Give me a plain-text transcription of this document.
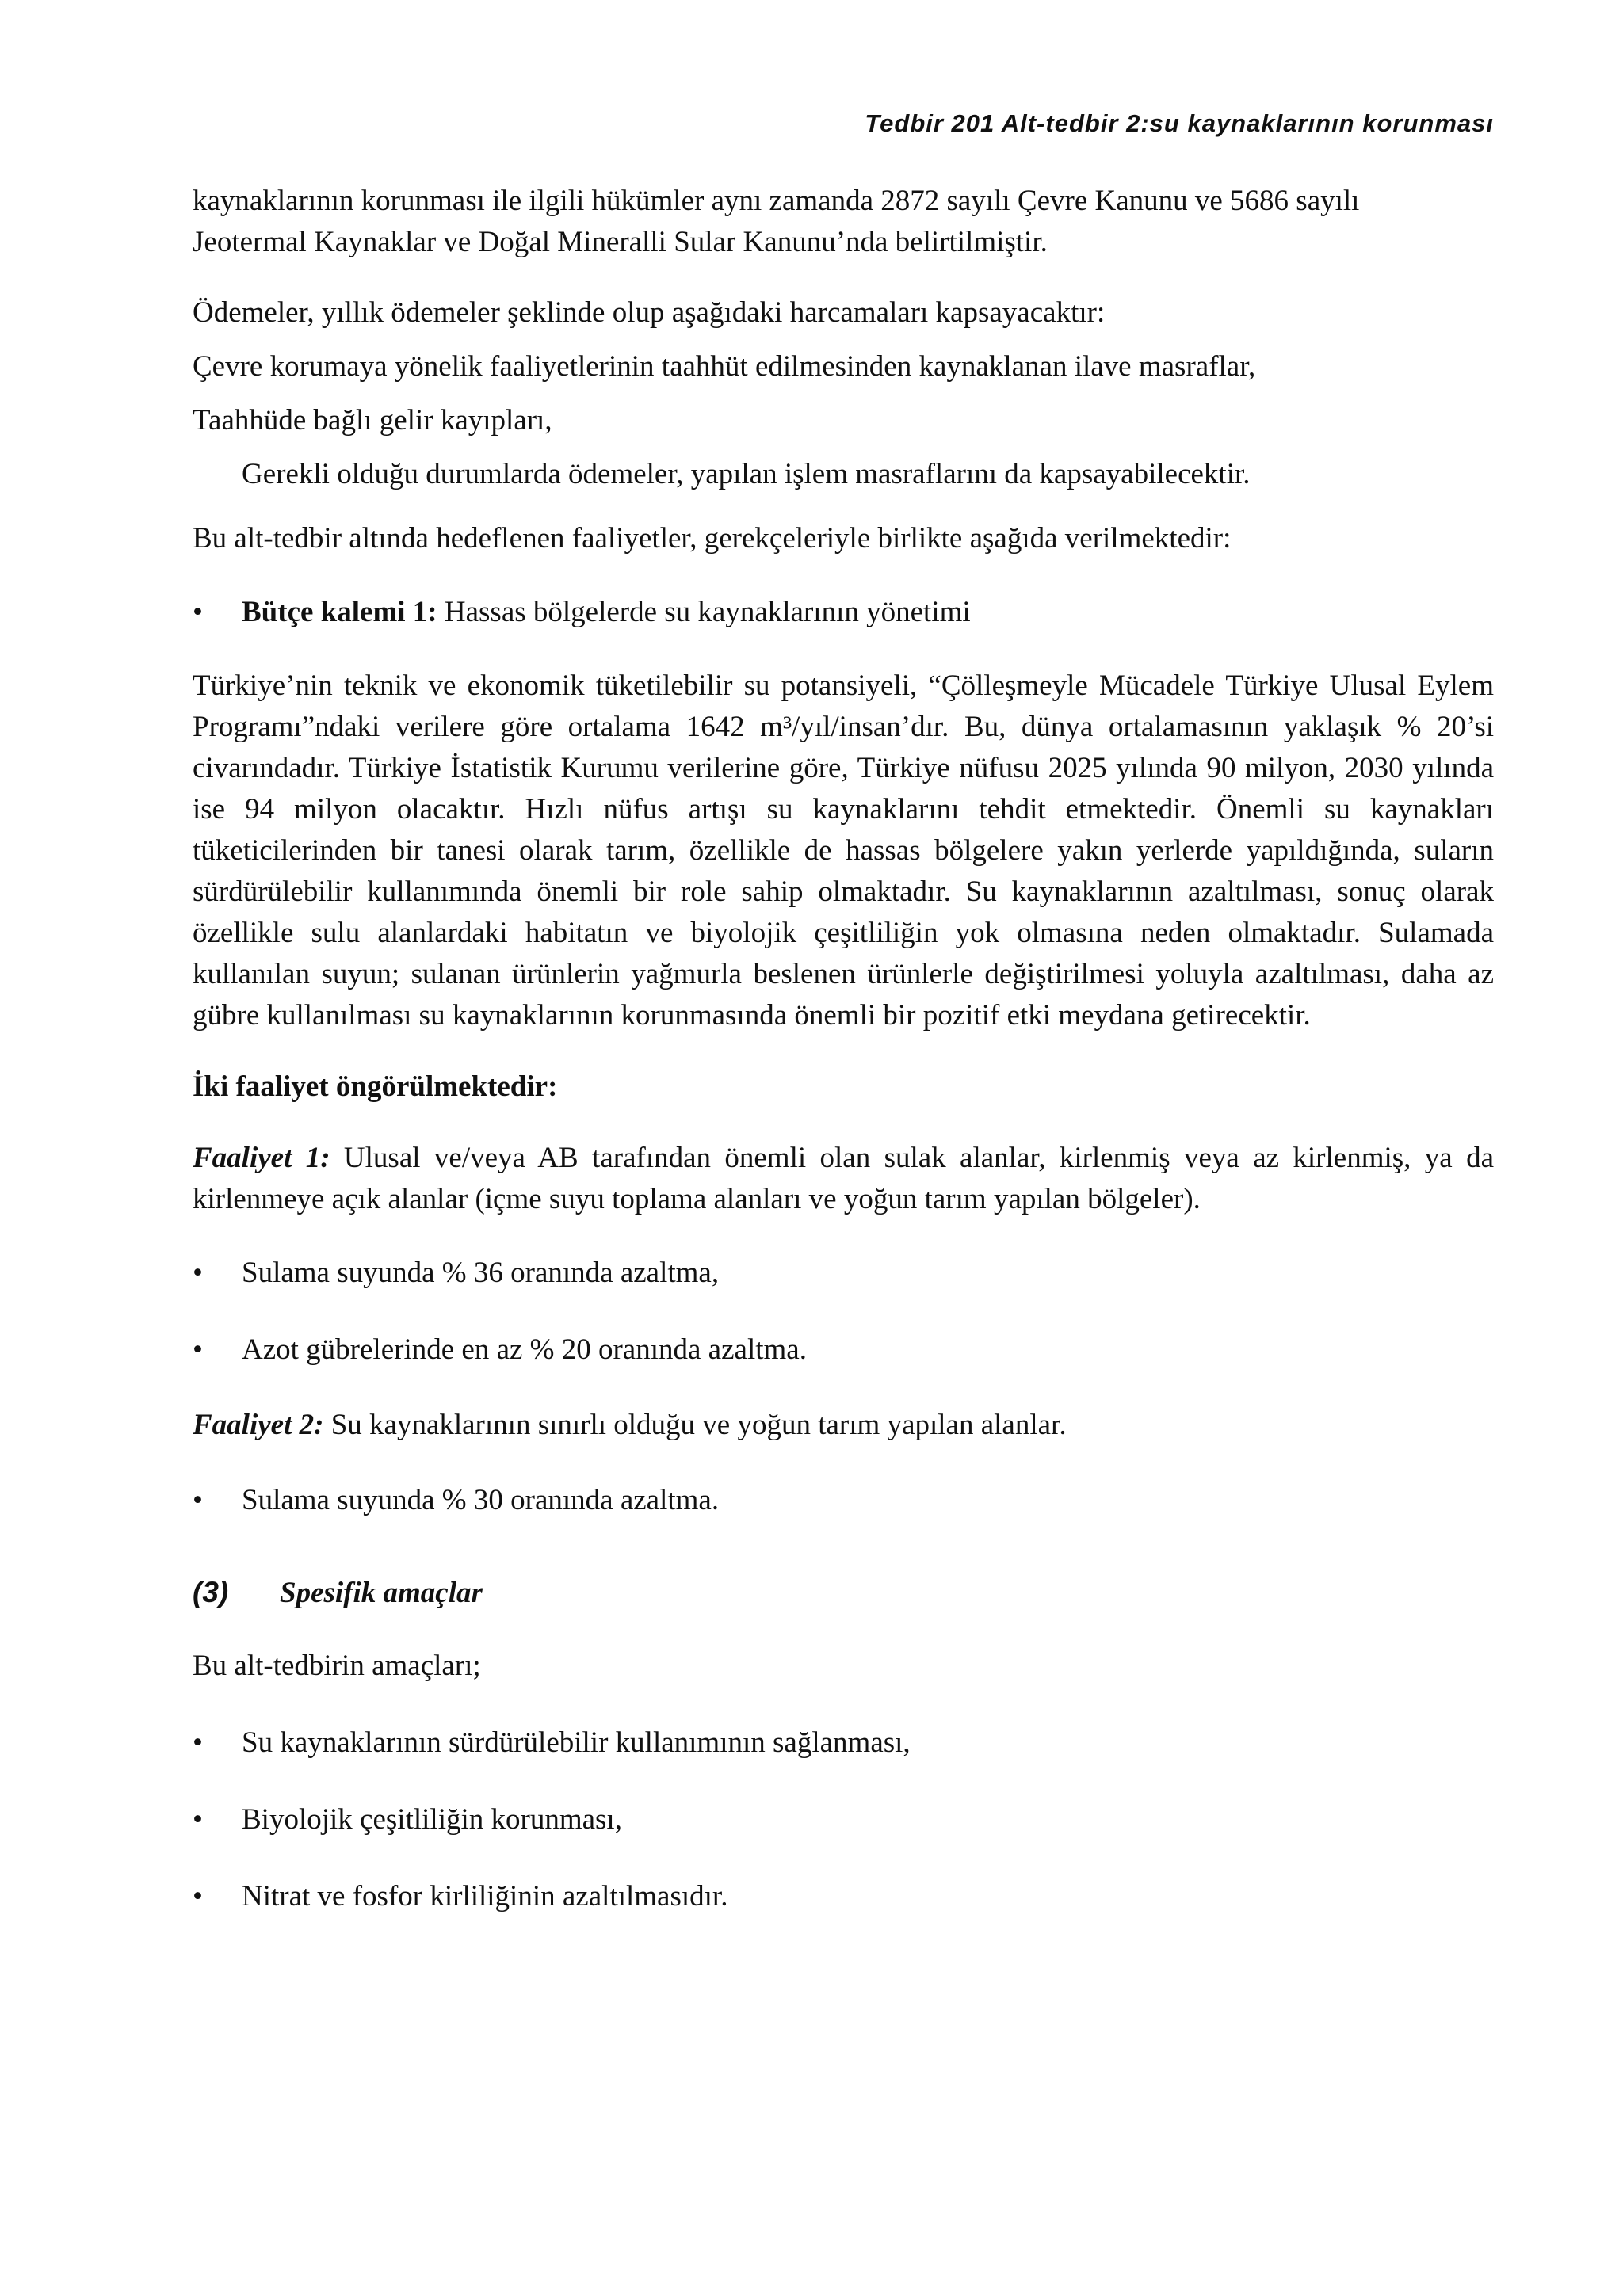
Tedbir 201 Alt-tedbir 2:su kaynaklarının korunması

kaynaklarının korunması ile ilgili hükümler aynı zamanda 2872 sayılı Çevre Kanunu ve 5686 sayılı
Jeotermal Kaynaklar ve Doğal Mineralli Sular Kanunu’nda belirtilmiştir.

Ödemeler, yıllık ödemeler şeklinde olup aşağıdaki harcamaları kapsayacaktır:

Çevre korumaya yönelik faaliyetlerinin taahhüt edilmesinden kaynaklanan ilave masraflar,

Taahhüde bağlı gelir kayıpları,

Gerekli olduğu durumlarda ödemeler, yapılan işlem masraflarını da kapsayabilecektir.

Bu alt-tedbir altında hedeflenen faaliyetler, gerekçeleriyle birlikte aşağıda verilmektedir:

• Bütçe kalemi 1: Hassas bölgelerde su kaynaklarının yönetimi

Türkiye’nin teknik ve ekonomik tüketilebilir su potansiyeli, “Çölleşmeyle Mücadele Türkiye Ulusal Eylem Programı”ndaki verilere göre ortalama 1642 m³/yıl/insan’dır. Bu, dünya ortalamasının yaklaşık % 20’si civarındadır. Türkiye İstatistik Kurumu verilerine göre, Türkiye nüfusu 2025 yılında 90 milyon, 2030 yılında ise 94 milyon olacaktır. Hızlı nüfus artışı su kaynaklarını tehdit etmektedir. Önemli su kaynakları tüketicilerinden bir tanesi olarak tarım, özellikle de hassas bölgelere yakın yerlerde yapıldığında, suların sürdürülebilir kullanımında önemli bir role sahip olmaktadır. Su kaynaklarının azaltılması, sonuç olarak özellikle sulu alanlardaki habitatın ve biyolojik çeşitliliğin yok olmasına neden olmaktadır. Sulamada kullanılan suyun; sulanan ürünlerin yağmurla beslenen ürünlerle değiştirilmesi yoluyla azaltılması, daha az gübre kullanılması su kaynaklarının korunmasında önemli bir pozitif etki meydana getirecektir.

İki faaliyet öngörülmektedir:

Faaliyet 1: Ulusal ve/veya AB tarafından önemli olan sulak alanlar, kirlenmiş veya az kirlenmiş, ya da kirlenmeye açık alanlar (içme suyu toplama alanları ve yoğun tarım yapılan bölgeler).

• Sulama suyunda % 36 oranında azaltma,

• Azot gübrelerinde en az % 20 oranında azaltma.

Faaliyet 2: Su kaynaklarının sınırlı olduğu ve yoğun tarım yapılan alanlar.

• Sulama suyunda % 30 oranında azaltma.

(3) Spesifik amaçlar

Bu alt-tedbirin amaçları;

• Su kaynaklarının sürdürülebilir kullanımının sağlanması,

• Biyolojik çeşitliliğin korunması,

• Nitrat ve fosfor kirliliğinin azaltılmasıdır.
